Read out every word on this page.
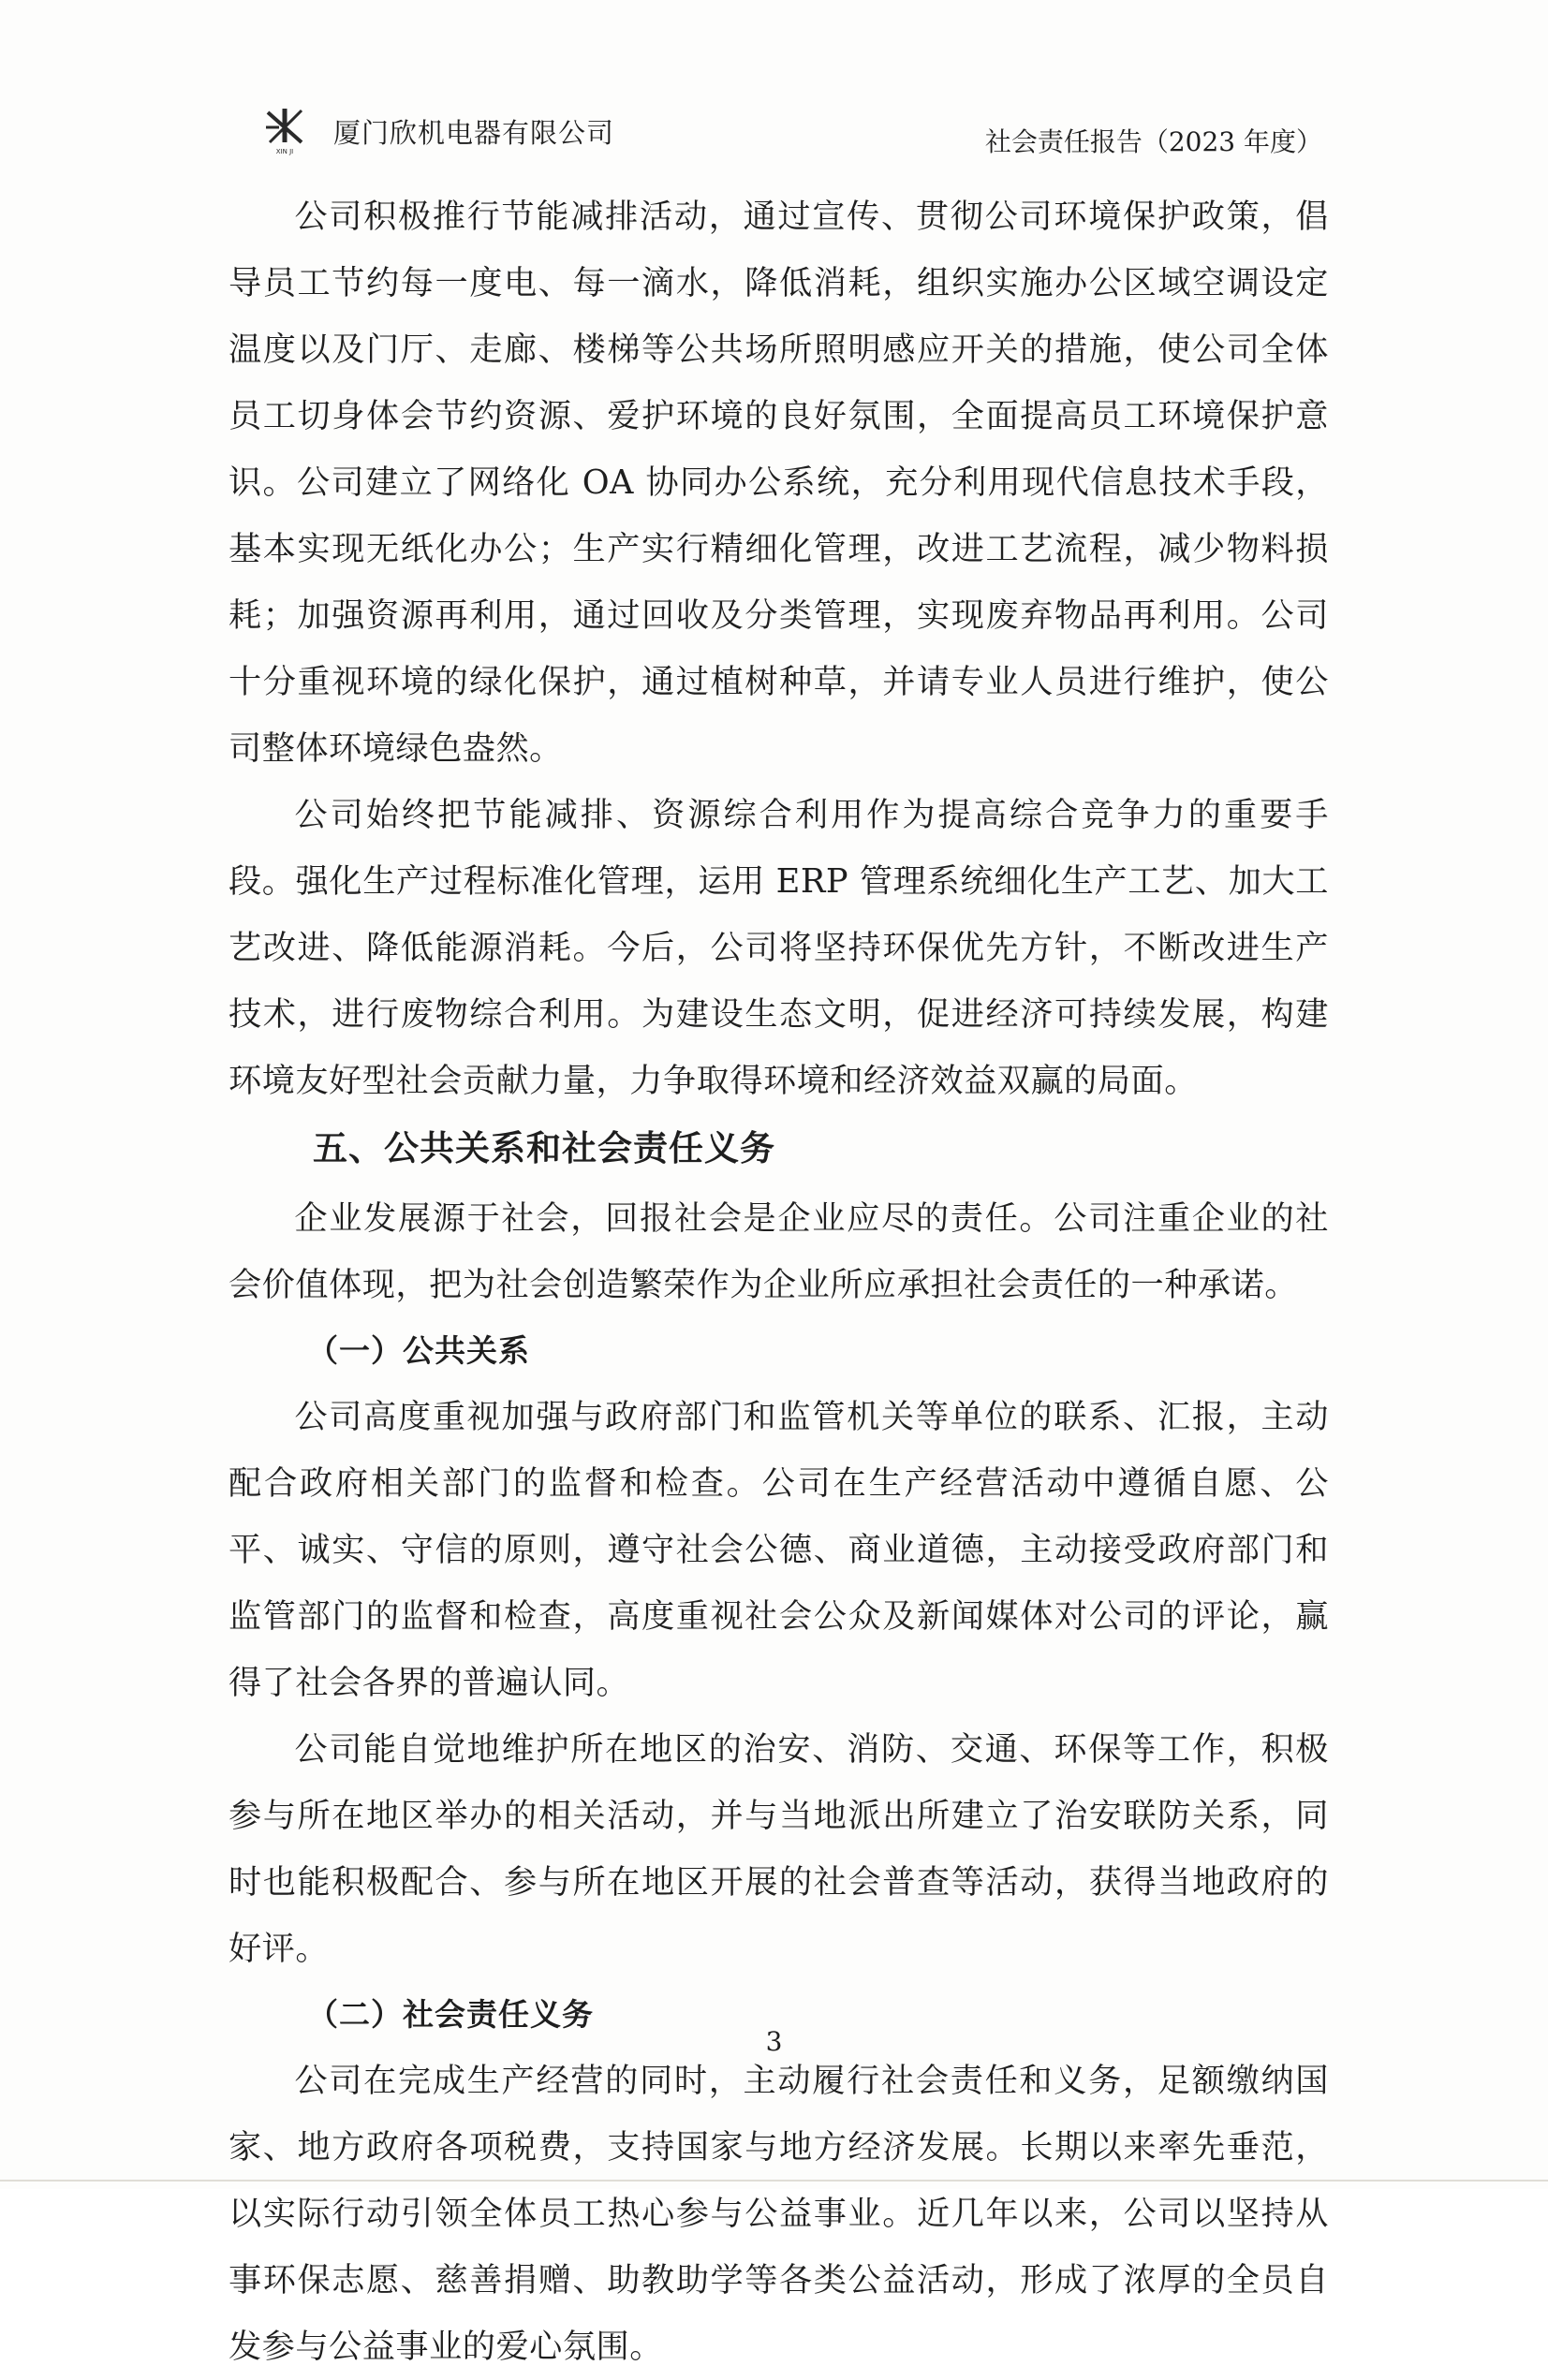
XIN JI
厦门欣机电器有限公司	社会责任报告（2023 年度）

公司积极推行节能减排活动，通过宣传、贯彻公司环境保护政策，倡导员工节约每一度电、每一滴水，降低消耗，组织实施办公区域空调设定温度以及门厅、走廊、楼梯等公共场所照明感应开关的措施，使公司全体员工切身体会节约资源、爱护环境的良好氛围，全面提高员工环境保护意识。公司建立了网络化 OA 协同办公系统，充分利用现代信息技术手段，基本实现无纸化办公；生产实行精细化管理，改进工艺流程，减少物料损耗；加强资源再利用，通过回收及分类管理，实现废弃物品再利用。公司十分重视环境的绿化保护，通过植树种草，并请专业人员进行维护，使公司整体环境绿色盎然。

公司始终把节能减排、资源综合利用作为提高综合竞争力的重要手段。强化生产过程标准化管理，运用 ERP 管理系统细化生产工艺、加大工艺改进、降低能源消耗。今后，公司将坚持环保优先方针，不断改进生产技术，进行废物综合利用。为建设生态文明，促进经济可持续发展，构建环境友好型社会贡献力量，力争取得环境和经济效益双赢的局面。

五、公共关系和社会责任义务

企业发展源于社会，回报社会是企业应尽的责任。公司注重企业的社会价值体现，把为社会创造繁荣作为企业所应承担社会责任的一种承诺。

（一）公共关系

公司高度重视加强与政府部门和监管机关等单位的联系、汇报，主动配合政府相关部门的监督和检查。公司在生产经营活动中遵循自愿、公平、诚实、守信的原则，遵守社会公德、商业道德，主动接受政府部门和监管部门的监督和检查，高度重视社会公众及新闻媒体对公司的评论，赢得了社会各界的普遍认同。

公司能自觉地维护所在地区的治安、消防、交通、环保等工作，积极参与所在地区举办的相关活动，并与当地派出所建立了治安联防关系，同时也能积极配合、参与所在地区开展的社会普查等活动，获得当地政府的好评。

（二）社会责任义务

公司在完成生产经营的同时，主动履行社会责任和义务，足额缴纳国家、地方政府各项税费，支持国家与地方经济发展。长期以来率先垂范，以实际行动引领全体员工热心参与公益事业。近几年以来，公司以坚持从事环保志愿、慈善捐赠、助教助学等各类公益活动，形成了浓厚的全员自发参与公益事业的爱心氛围。

3
